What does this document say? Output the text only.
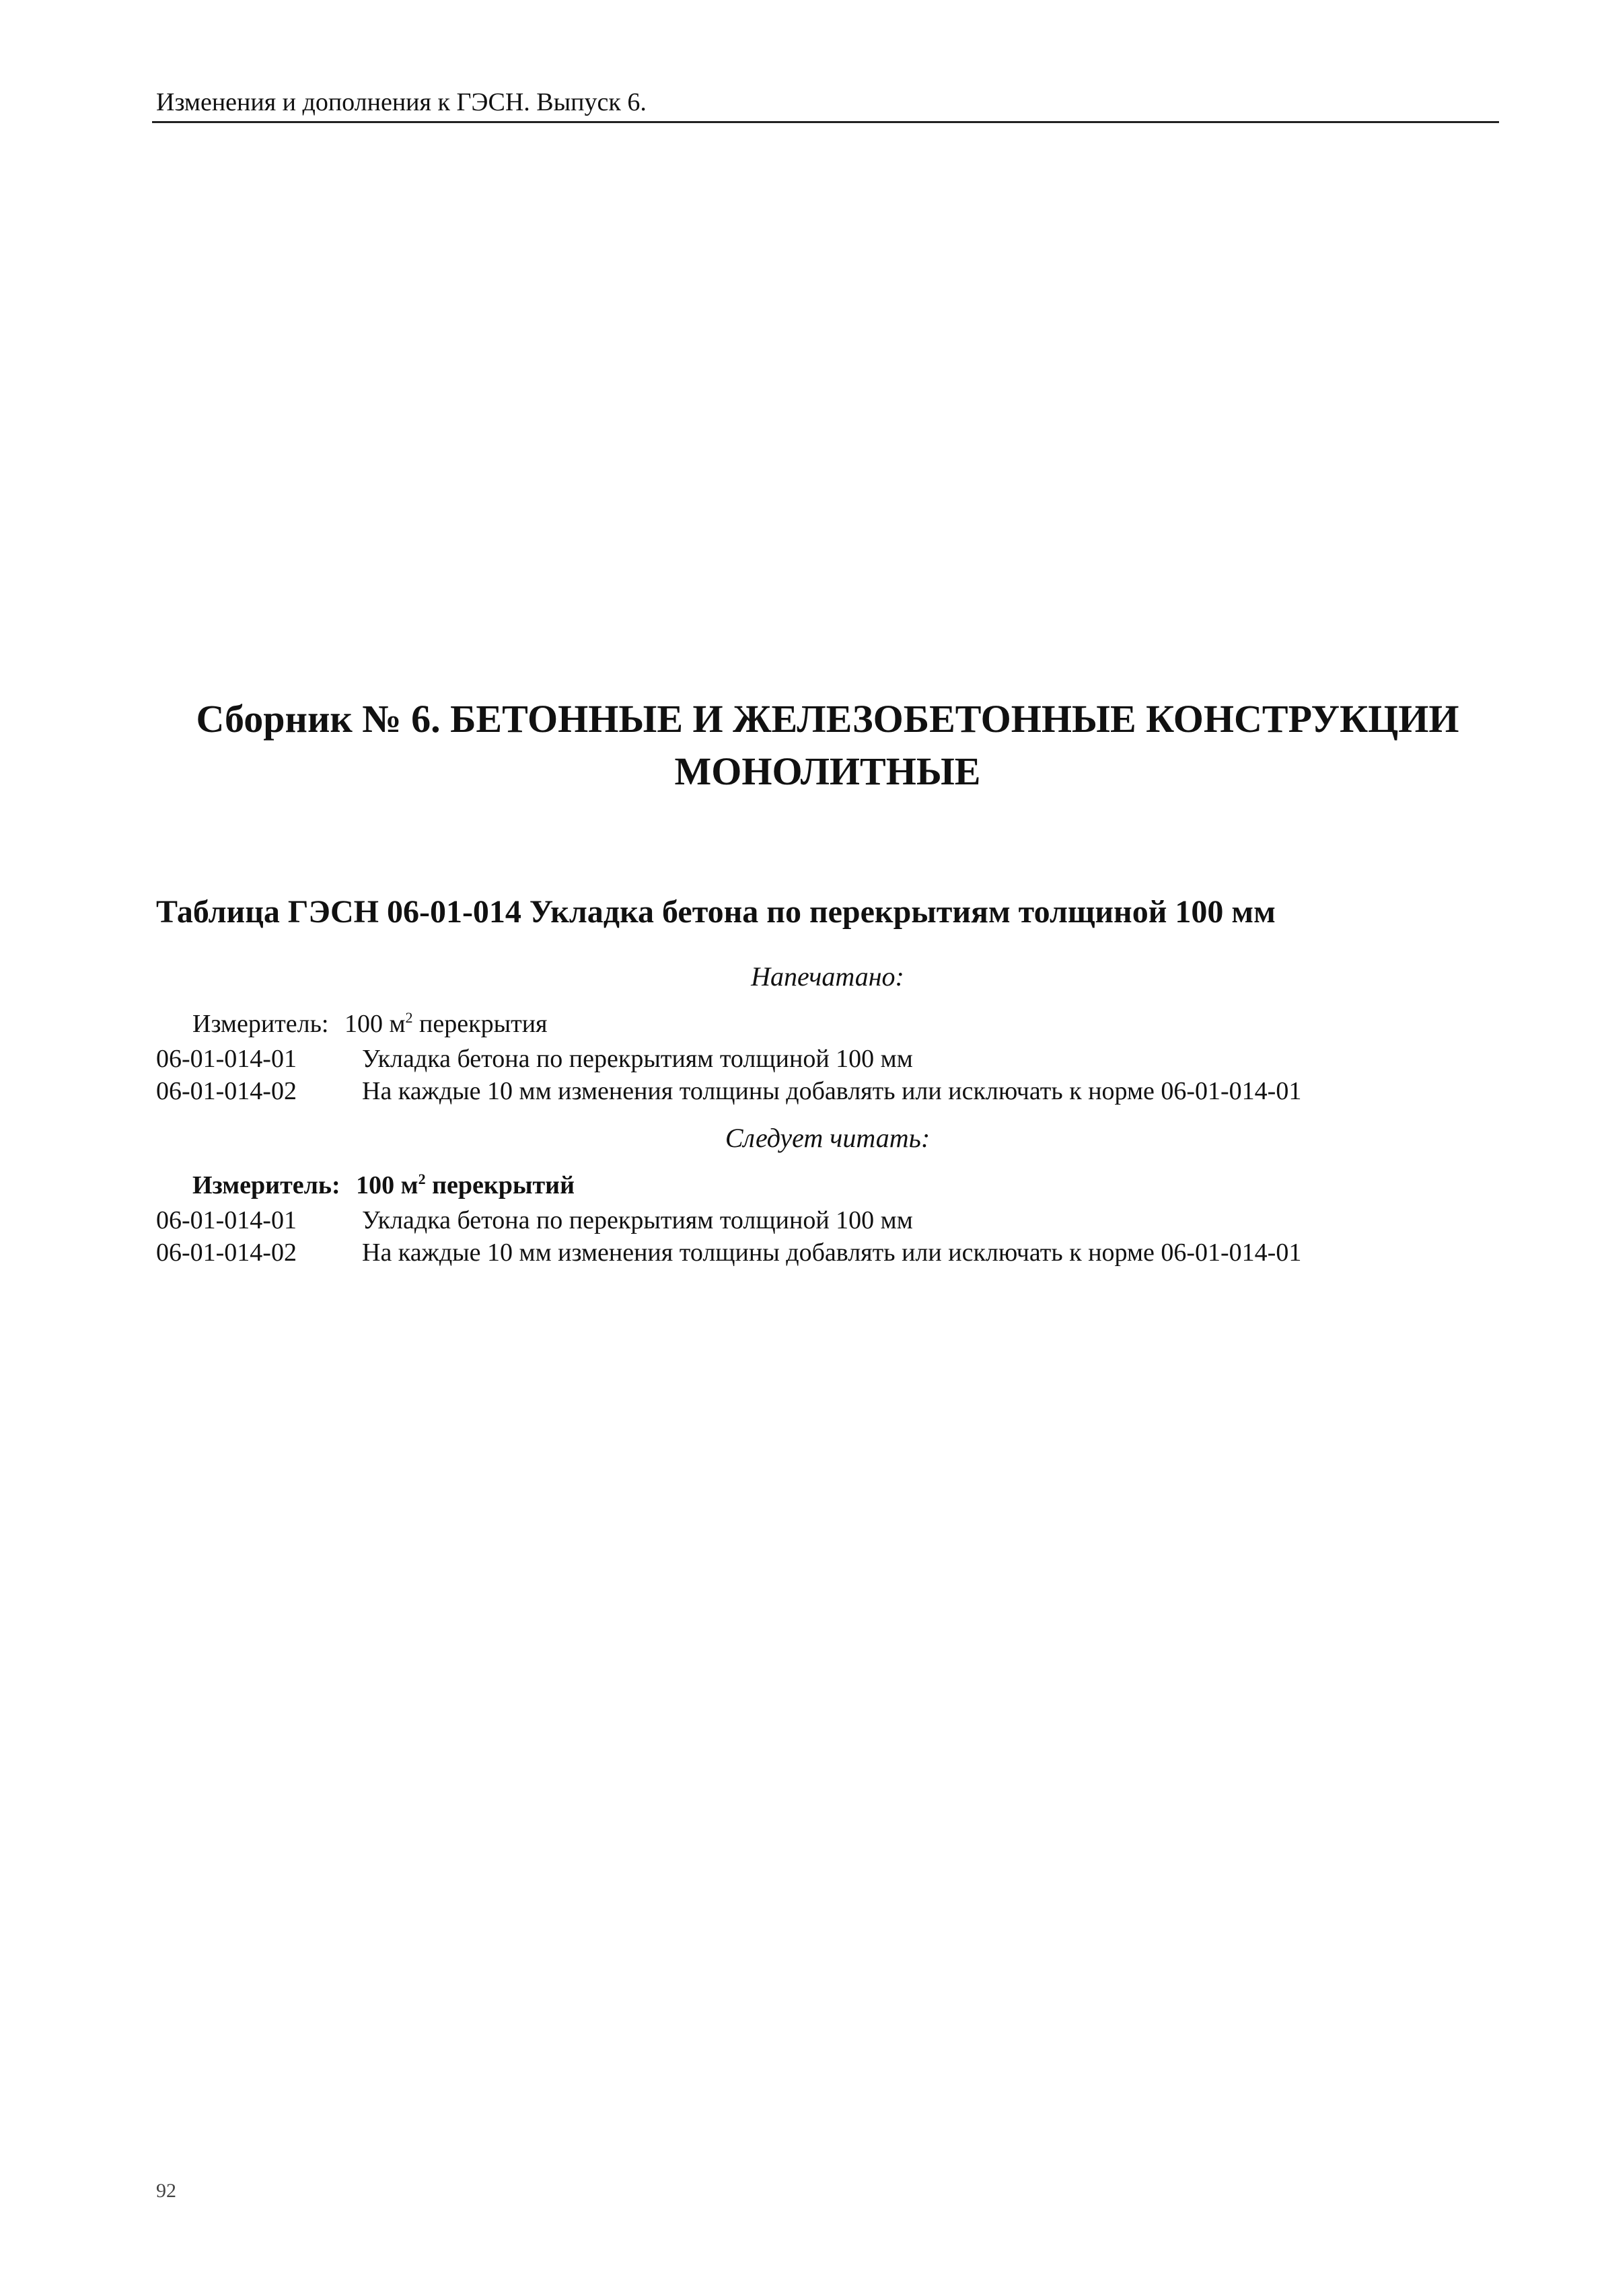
Изменения и дополнения к ГЭСН. Выпуск 6.
Сборник № 6. БЕТОННЫЕ И ЖЕЛЕЗОБЕТОННЫЕ КОНСТРУКЦИИ
МОНОЛИТНЫЕ
Таблица ГЭСН 06-01-014 Укладка бетона по перекрытиям толщиной 100 мм
Напечатано:
Измеритель: 100 $м^2$ перекрытия
06-01-014-01	Укладка бетона по перекрытиям толщиной 100 мм
06-01-014-02	На каждые 10 мм изменения толщины добавлять или исключать к норме 06-01-014-01
Следует читать:
Измеритель: 100 $м^2$ перекрытий
06-01-014-01	Укладка бетона по перекрытиям толщиной 100 мм
06-01-014-02	На каждые 10 мм изменения толщины добавлять или исключать к норме 06-01-014-01
92
